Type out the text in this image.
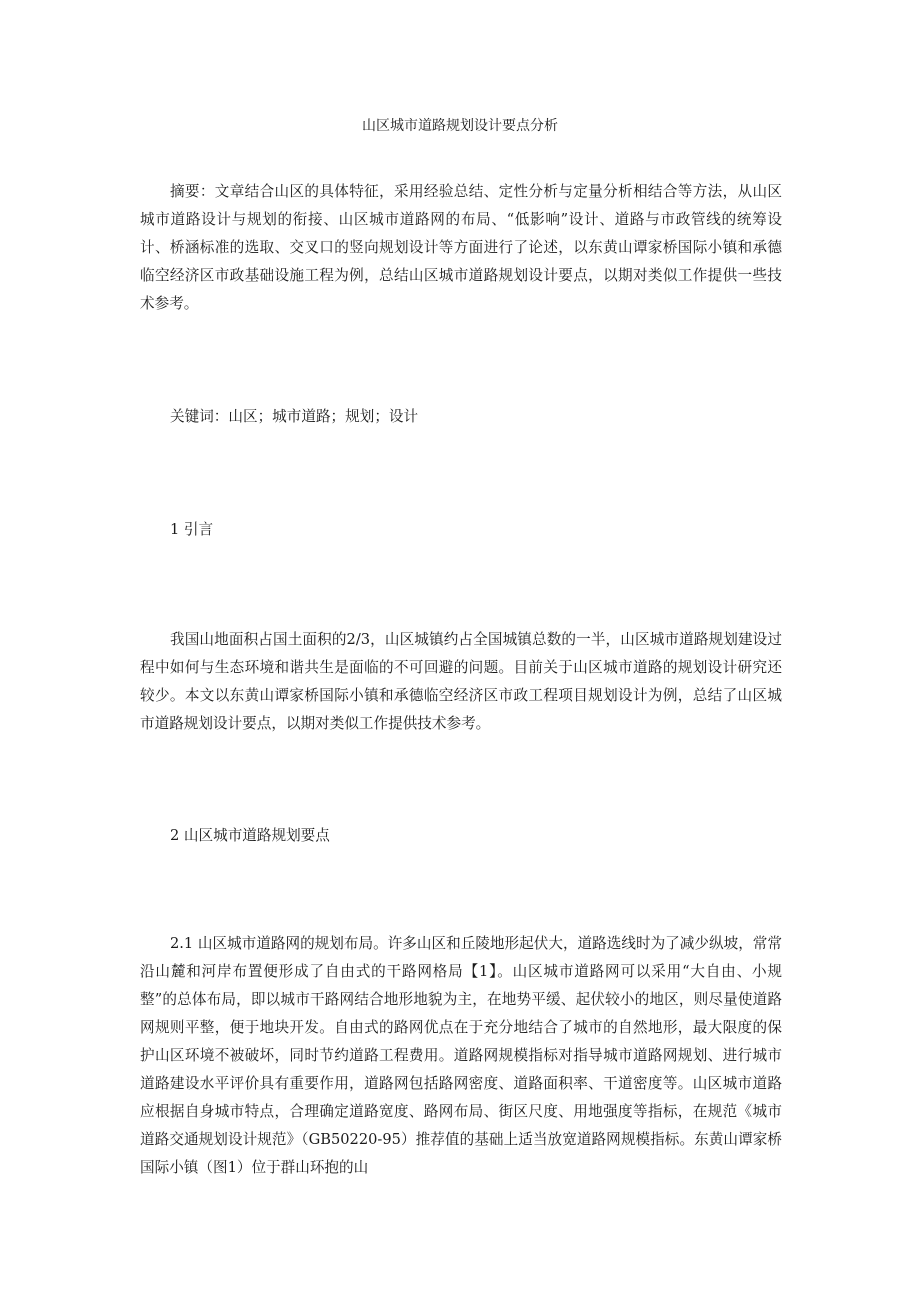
山区城市道路规划设计要点分析

摘要：文章结合山区的具体特征，采用经验总结、定性分析与定量分析相结合等方法，从山区城市道路设计与规划的衔接、山区城市道路网的布局、“低影响”设计、道路与市政管线的统筹设计、桥涵标准的选取、交叉口的竖向规划设计等方面进行了论述，以东黄山谭家桥国际小镇和承德临空经济区市政基础设施工程为例，总结山区城市道路规划设计要点，以期对类似工作提供一些技术参考。

关键词：山区；城市道路；规划；设计

1 引言

我国山地面积占国土面积的2/3，山区城镇约占全国城镇总数的一半，山区城市道路规划建设过程中如何与生态环境和谐共生是面临的不可回避的问题。目前关于山区城市道路的规划设计研究还较少。本文以东黄山谭家桥国际小镇和承德临空经济区市政工程项目规划设计为例，总结了山区城市道路规划设计要点，以期对类似工作提供技术参考。

2 山区城市道路规划要点

2.1 山区城市道路网的规划布局。许多山区和丘陵地形起伏大，道路选线时为了减少纵坡，常常沿山麓和河岸布置便形成了自由式的干路网格局【1】。山区城市道路网可以采用“大自由、小规整”的总体布局，即以城市干路网结合地形地貌为主，在地势平缓、起伏较小的地区，则尽量使道路网规则平整，便于地块开发。自由式的路网优点在于充分地结合了城市的自然地形，最大限度的保护山区环境不被破坏，同时节约道路工程费用。道路网规模指标对指导城市道路网规划、进行城市道路建设水平评价具有重要作用，道路网包括路网密度、道路面积率、干道密度等。山区城市道路应根据自身城市特点，合理确定道路宽度、路网布局、街区尺度、用地强度等指标，在规范《城市道路交通规划设计规范》（GB50220-95）推荐值的基础上适当放宽道路网规模指标。东黄山谭家桥国际小镇（图1）位于群山环抱的山
